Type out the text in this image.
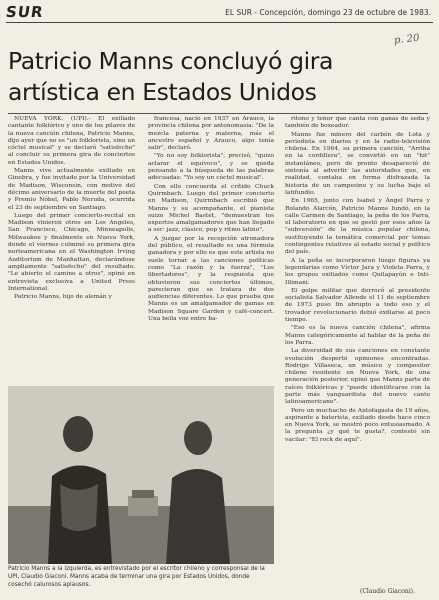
SUR	EL SUR - Concepción, domingo 23 de octubre de 1983.
p. 20
Patricio Manns concluyó gira artística en Estados Unidos

NUEVA YORK. (UPI).- El exiliado cantante folklórico y uno de los pilares de la nueva canción chilena, Patricio Manns, dijo ayer que no es "un folklorista, sino un cóctel musical" y se declaró "satisfecho" al concluir su primera gira de conciertos en Estados Unidos.

Manns vive actualmente exiliado en Ginebra, y fue invitado por la Universidad de Madison, Wisconsin, con motivo del décimo aniversario de la muerte del poeta y Premio Nóbel, Pablo Neruda, ocurrida el 23 de septiembre en Santiago.

Luego del primer concierto-recital en Madison vinieron otros en Los Angeles, San Francisco, Chicago, Minneapolis, Milwaukee y finalmente en Nueva York, donde el viernes culminó su primera gira norteamericana en el Washington Irving Auditorium de Manhattan, declarándose ampliamente "satisfecho" del resultado. "Le abierto el camino a otros", opinó en entrevista exclusiva a United Press International.

Patricio Manns, hijo de alemán y

francesa, nació en 1937 en Arauco, la provincia chilena por antonomasia: "De la mezcla paterna y materna, más el ancestro español y Arauco, algo tenía salir", declaró.

"Yo no soy folklorista", precisó, "quizo aclarar el equívoco", y se queda pensando a la búsqueda de las palabras adecuadas: "Yo soy un cóctel musical".

Con ello concuerda el crítido Chuck Quirmbach. Luego del primer concierto en Madison, Quirmbach escribió que Manns y su acompañante, el pianista suizo Michel Bastet, "demuestran los expertos amalgamadores que han llegado a ser: jazz, clásico, pop y ritmo latino".

A juzgar por la recepción atronadora del público, el resultado es una fórmula ganadora y por ello es que este artista no suele tornar a las canciones políticas como "La razón y la fuerza", "Los libertadores", y la respuesta que obtuvieron sus conciertos últimos, parecieran que se tratara de dos audiencias diferentes. Lo que prueba que Manns es un amalgamador de gamas en Madison Square Garden y café-concert. Una bella voz entre ba-

rítono y tenor que canta con ganas de seda y también de boxeador.

Manns fue minero del carbón de Lota y periodista en diarios y en la radio-televisión chilena. En 1964, su primera canción, "Arriba en la cordillera", se convirtió en un "hit" instantáneo, pero de pronto desapareció de sintonía al advertir las autoridades que, en realidad, contaba en forma disfrazada la historia de un campesino y su lucha bajo el latifundio.

En 1965, junto con Isabel y Ángel Parra y Rolando Alarcón, Patricio Manns fundó, en la calle Carmen de Santiago, la peña de los Parra, el laboratorio en que se gestó por esos años la "subversión" de la música popular chilena, sustituyendo la temática comercial por temas contingentes relativos al estado social y político del país.

A la peña se incorporaron luego figuras ya legendarias como Víctor Jara y Violeta Parra, y los grupos exiliados como Quilapayún e Inti-Illimani.

El golpe militar que derrocó al presidente socialista Salvador Allende el 11 de septiembre de 1973 puso fin abrupto a todo eso y el trovador revolucionario debió exiliarse al poco tiempo.

"Eso es la nueva canción chilena", afirma Manns categóricamente al hablar de la peña de los Parra.

La diversidad de sus canciones en constante evolución despertó opiniones encontradas. Rodrigo Villaseca, un músico y compositor chileno residente en Nueva York, de una generación posterior, opinó que Manns parte de raíces folklóricas y "puede identificarse con la parte más vanguardista del nuevo canto latinoamericano".

Pero un muchacho de Antofagasta de 19 años, aspirante a baterista, exiliado desde hace cinco en Nueva York, se mostró poco entusiasmado. A la pregunta ¿y qué te gusta?, contestó sin vacilar: "El rock de aquí".

Patricio Manns a la izquierda, es entrevistado por el escritor chileno y corresponsal de la UPI, Claudio Giaconi. Manns acaba de terminar una gira por Estados Unidos, donde cosechó calurosos aplausos.
(Claudio Giaconi).
